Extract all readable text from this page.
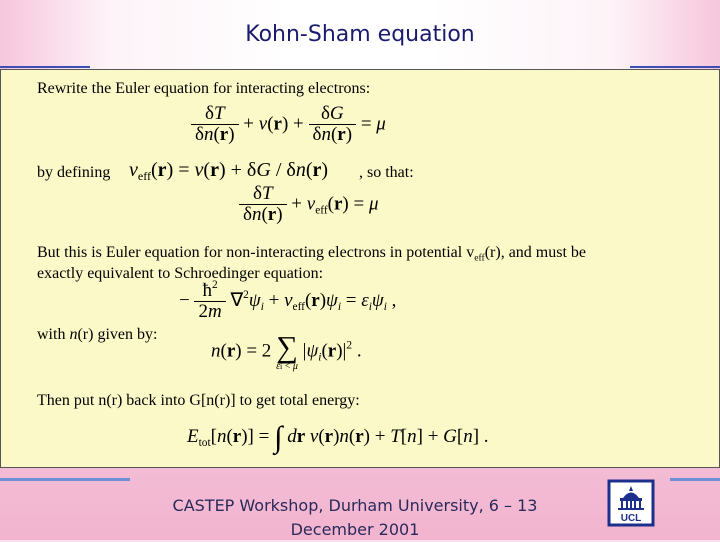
Kohn-Sham equation
Rewrite the Euler equation for interacting electrons:
$\frac{\delta T}{\delta n(r)} + v(r) + \frac{\delta G}{\delta n(r)} = \mu$
by defining $v_{eff}(r) = v(r) + \delta G / \delta n(r)$ , so that:
$\frac{\delta T}{\delta n(r)} + v_{eff}(r) = \mu$
But this is Euler equation for non-interacting electrons in potential $v_{eff}(r)$, and must be
exactly equivalent to Schroedinger equation:
− $\frac{ħ^2}{2m} \nabla^2\psi_i + v_{eff}(r)\psi_i = \varepsilon_i\psi_i$ ,
with n(r) given by:
n(r) = 2 ∑
εi < μ
$|\psi_i(r)|^2$ .
Then put n(r) back into G[n(r)] to get total energy:
$E_{tot}[n(r)]$ = ∫ dr v(r)n(r) + T[n] + G[n] .
CASTEP Workshop, Durham University, 6 – 13
December 2001
UCL
